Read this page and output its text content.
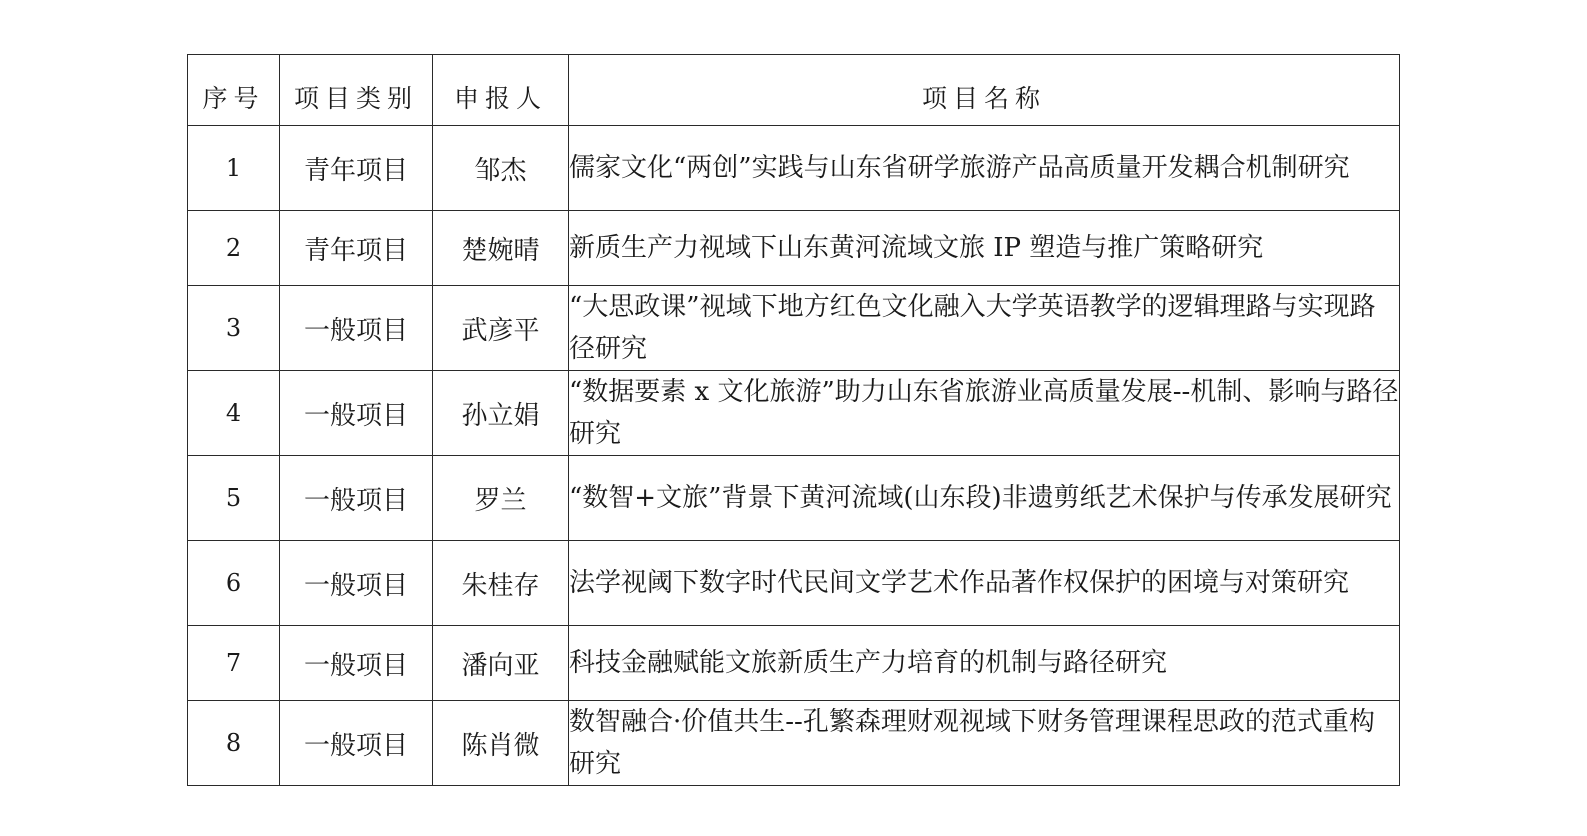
序号	项目类别	申报人	项目名称
1	青年项目	邹杰	儒家文化“两创”实践与山东省研学旅游产品高质量开发耦合机制研究
2	青年项目	楚婉晴	新质生产力视域下山东黄河流域文旅 IP 塑造与推广策略研究
3	一般项目	武彦平	“大思政课”视域下地方红色文化融入大学英语教学的逻辑理路与实现路径研究
4	一般项目	孙立娟	“数据要素 x 文化旅游”助力山东省旅游业高质量发展--机制、影响与路径研究
5	一般项目	罗兰	“数智+文旅”背景下黄河流域(山东段)非遗剪纸艺术保护与传承发展研究
6	一般项目	朱桂存	法学视阈下数字时代民间文学艺术作品著作权保护的困境与对策研究
7	一般项目	潘向亚	科技金融赋能文旅新质生产力培育的机制与路径研究
8	一般项目	陈肖微	数智融合·价值共生--孔繁森理财观视域下财务管理课程思政的范式重构研究
